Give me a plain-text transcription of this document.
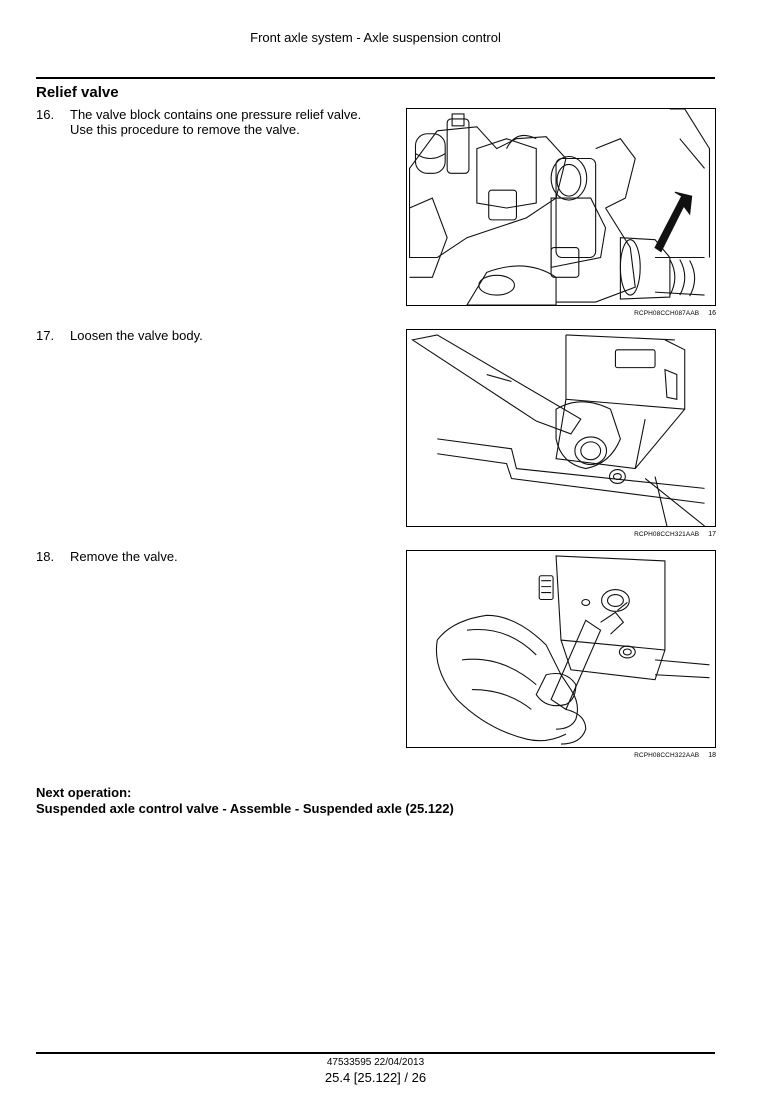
Front axle system - Axle suspension control
Relief valve
16.	The valve block contains one pressure relief valve.
Use this procedure to remove the valve.
RCPH08CCH087AAB 16
17.	Loosen the valve body.
RCPH08CCH321AAB 17
18.	Remove the valve.
RCPH08CCH322AAB 18
Next operation:
Suspended axle control valve - Assemble - Suspended axle (25.122)
47533595 22/04/2013
25.4 [25.122] / 26
